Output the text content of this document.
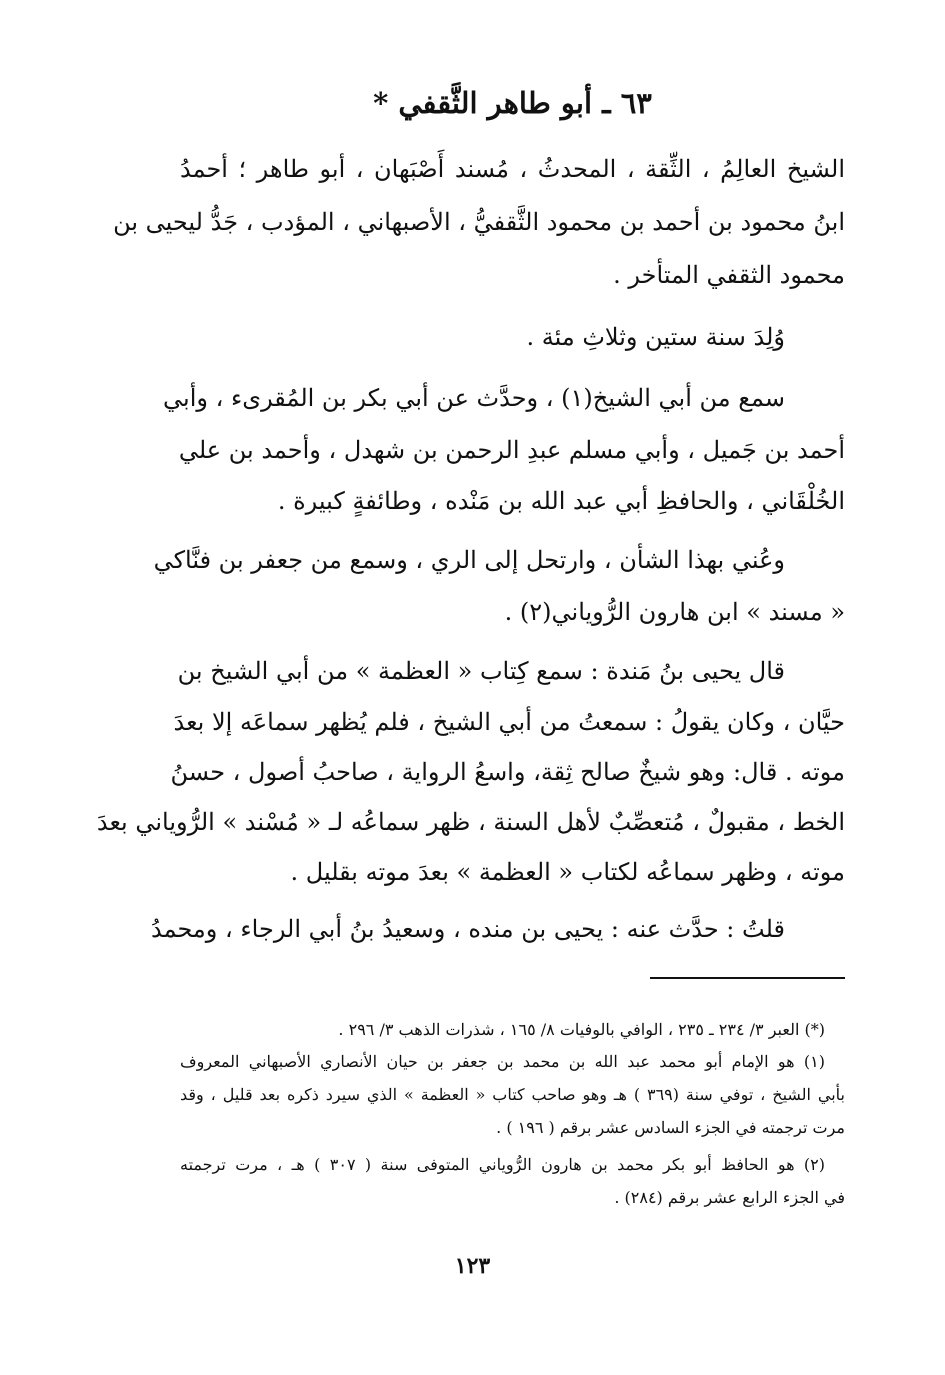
٦٣ ـ أبو طاهر الثَّقفي *
الشيخ العالِمُ ، الثِّقة ، المحدثُ ، مُسند أَصْبَهان ، أبو طاهر ؛ أحمدُ
ابنُ محمود بن أحمد بن محمود الثَّقفيُّ ، الأصبهاني ، المؤدب ، جَدُّ ليحيى بن
محمود الثقفي المتأخر .
وُلِدَ سنة ستين وثلاثِ مئة .
سمع من أبي الشيخ(١) ، وحدَّث عن أبي بكر بن المُقرىء ، وأبي
أحمد بن جَميل ، وأبي مسلم عبدِ الرحمن بن شهدل ، وأحمد بن علي
الخُلْقَاني ، والحافظِ أبي عبد الله بن مَنْده ، وطائفةٍ كبيرة .
وعُني بهذا الشأن ، وارتحل إلى الري ، وسمع من جعفر بن فنَّاكي
« مسند » ابن هارون الرُّوياني(٢) .
قال يحيى بنُ مَندة : سمع كِتاب « العظمة » من أبي الشيخ بن
حيَّان ، وكان يقولُ : سمعتُ من أبي الشيخ ، فلم يُظهر سماعَه إلا بعدَ
موته . قال: وهو شيخٌ صالح ثِقة، واسعُ الرواية ، صاحبُ أصول ، حسنُ
الخط ، مقبولٌ ، مُتعصِّبٌ لأهل السنة ، ظهر سماعُه لـ « مُسْند » الرُّوياني بعدَ
موته ، وظهر سماعُه لكتاب « العظمة » بعدَ موته بقليل .
قلتُ : حدَّث عنه : يحيى بن منده ، وسعيدُ بنُ أبي الرجاء ، ومحمدُ
(*) العبر ٣/ ٢٣٤ ـ ٢٣٥ ، الوافي بالوفيات ٨/ ١٦٥ ، شذرات الذهب ٣/ ٢٩٦ .
(١) هو الإمام أبو محمد عبد الله بن محمد بن جعفر بن حيان الأنصاري الأصبهاني المعروف
بأبي الشيخ ، توفي سنة (٣٦٩ ) هـ وهو صاحب كتاب « العظمة » الذي سيرد ذكره بعد قليل ، وقد
مرت ترجمته في الجزء السادس عشر برقم ( ١٩٦ ) .
(٢) هو الحافظ أبو بكر محمد بن هارون الرُّوياني المتوفى سنة ( ٣٠٧ ) هـ ، مرت ترجمته
في الجزء الرابع عشر برقم (٢٨٤) .
١٢٣
